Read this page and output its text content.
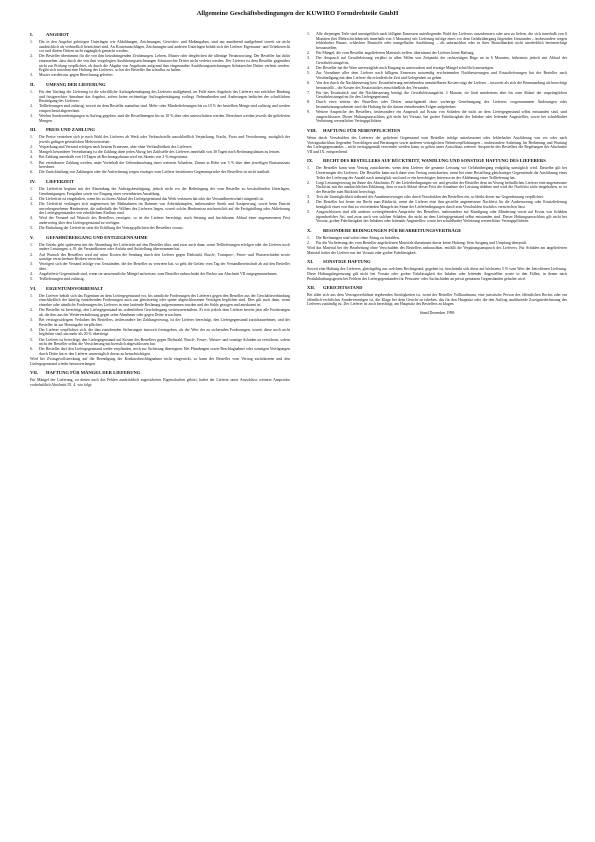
Allgemeine Geschäftsbedingungen der KUWIRO Formdrehteile GmbH
I.	ANGEBOT
1.	Die in den Angebot gehörigen Unterlagen wie Abbildungen, Zeichnungen, Gewichts- und Maßangaben, sind nur annähernd maßgebend soweit sie nicht ausdrücklich als verbindlich bezeichnet sind. An Kostenanschlägen, Zeichnungen und anderen Unterlagen behält sich der Lieferer Eigentums- und Urheberrecht vor und dürfen Dritten nicht zugänglich gemacht werden.
2.	Der Besteller übernimmt für die von ihm beizubringenden Zeichnungen, Lehren, Muster oder dergleichen die alleinige Verantwortung. Der Besteller hat dafür einzustehen, dass durch die von ihm vorgelegten Ausführungszeichnungen Schutzrechte Dritter nicht verletzt werden. Der Lieferer ist dem Besteller gegenüber nicht zur Prüfung verpflichtet, ob durch die Abgabe von Angeboten aufgrund ihm eingesandter Ausführungszeichnungen Schutzrechte Dritter verletzt werden. Ergibt sich trotzdem eine Haftung des Lieferers, so hat der Besteller ihn schadlos zu halten.
3.	Muster werden nur gegen Berechnung geliefert.
II.	UMFANG DER LIEFERUNG
1.	Für den Umfang der Lieferung ist die schriftliche Auftragsbestätigung des Lieferers maßgebend, im Falle eines Angebots des Lieferers mit zeitlicher Bindung und fristgerechter Annahme das Angebot, sofern keine rechtzeitige Auftragsbestätigung vorliegt. Nebenabreden und Änderungen bedürfen der schriftlichen Bestätigung des Lieferers.
2.	Teillieferungen sind zulässig, soweit sie dem Besteller zumutbar sind. Mehr- oder Minderlieferungen bis zu 10 % der bestellten Menge sind zulässig und werden entsprechend abgerechnet.
3.	Werden Sonderanfertigungen in Auftrag gegeben, sind die Bestellmengen bis zu 10 % über oder unterschritten werden. Berechnet werden jeweils die gelieferten Mengen.
III.	PREIS UND ZAHLUNG
1.	Die Preise verstehen sich je nach Wahl des Lieferers ab Werk oder Verkaufsstelle ausschließlich Verpackung, Fracht, Porto und Versicherung, zuzüglich der jeweils gültigen gesetzlichen Mehrwertsteuer.
2.	Verpackung und Versand erfolgen nach bestem Ermessen, aber ohne Verbindlichkeit des Lieferers.
3.	Mangels besonderer Vereinbarung ist die Zahlung ohne jeden Abzug frei Zahlstelle des Lieferers innerhalb von 30 Tagen nach Rechnungsdatum zu leisten.
4.	Bei Zahlung innerhalb von 10 Tagen ab Rechnungsdatum wird ein Skonto von 2 % eingeräumt.
5.	Bei vereinbarter Zahlung werden, unter Vorbehalt der Geltendmachung eines weiteren Schadens, Zinsen in Höhe von 5 % über dem jeweiligen Basiszinssatz berechnet.
6.	Die Zurückhaltung von Zahlungen oder die Aufrechnung wegen etwaiger vom Lieferer bestrittener Gegenansprüche des Bestellers ist nicht statthaft.
IV.	LIEFERZEIT
1.	Die Lieferfrist beginnt mit der Absendung der Auftragsbestätigung, jedoch nicht vor der Beibringung der vom Besteller zu beschaffenden Unterlagen, Genehmigungen, Freigaben sowie vor Eingang einer vereinbarten Anzahlung.
2.	Die Lieferfrist ist eingehalten, wenn bis zu ihrem Ablauf der Liefergegenstand das Werk verlassen hat oder die Versandbereitschaft mitgeteilt ist.
3.	Die Lieferfrist verlängert sich angemessen bei Maßnahmen im Rahmen von Arbeitskämpfen, insbesondere Streik und Aussperrung, sowie beim Eintritt unvorhergesehener Hindernisse, die außerhalb des Willens des Lieferers liegen, soweit solche Hindernisse nachweislich auf die Fertigstellung oder Ablieferung des Liefergegenstandes von erheblichem Einfluss sind.
4.	Wird der Versand auf Wunsch des Bestellers verzögert, so ist der Lieferer berechtigt, nach Setzung und fruchtlosem Ablauf einer angemessenen Frist anderweitig über den Liefergegenstand zu verfügen.
5.	Die Einhaltung der Lieferfrist setzt die Erfüllung der Vertragspflichten des Bestellers voraus.
V.	GEFAHRÜBERGANG UND ENTGEGENNAHME
1.	Die Gefahr geht spätestens mit der Absendung der Lieferteile auf den Besteller über, und zwar auch dann, wenn Teillieferungen erfolgen oder der Lieferer noch andere Leistungen, z. B. die Versandkosten oder Anfuhr und Aufstellung übernommen hat.
2.	Auf Wunsch des Bestellers wird auf seine Kosten die Sendung durch den Lieferer gegen Diebstahl, Bruch-, Transport-, Feuer- und Wasserschäden sowie sonstige versicherbare Risiken versichert.
3.	Verzögert sich der Versand infolge von Umständen, die der Besteller zu vertreten hat, so geht die Gefahr vom Tag der Versandbereitschaft ab auf den Besteller über.
4.	Angelieferte Gegenstände sind, wenn sie unwesentliche Mängel aufweisen, vom Besteller unbeschadet der Rechte aus Abschnitt VII entgegenzunehmen.
5.	Teillieferungen sind zulässig.
VI.	EIGENTUMSVORBEHALT
1.	Der Lieferer behält sich das Eigentum an dem Liefergegenstand vor, bis sämtliche Forderungen des Lieferers gegen den Besteller aus der Geschäftsverbindung einschließlich der künftig entstehenden Forderungen auch aus gleichzeitig oder später abgeschlossenen Verträgen beglichen sind. Dies gilt auch dann, wenn einzelne oder sämtliche Forderungen des Lieferers in eine laufende Rechnung aufgenommen wurden und der Saldo gezogen und anerkannt ist.
2.	Der Besteller ist berechtigt, den Liefergegenstand im ordentlichen Geschäftsgang weiterzuveräußern. Er tritt jedoch dem Lieferer bereits jetzt alle Forderungen ab, die ihm aus der Weiterveräußerung gegen seine Abnehmer oder gegen Dritte erwachsen.
3.	Bei vertragswidrigem Verhalten des Bestellers, insbesondere bei Zahlungsverzug, ist der Lieferer berechtigt, den Liefergegenstand zurückzunehmen, und der Besteller ist zur Herausgabe verpflichtet.
4.	Der Lieferer verpflichtet sich, die ihm zustehenden Sicherungen insoweit freizugeben, als der Wert der zu sichernden Forderungen, soweit diese noch nicht beglichen sind, um mehr als 20 % übersteigt.
5.	Der Lieferer ist berechtigt, den Liefergegenstand auf Kosten des Bestellers gegen Diebstahl, Bruch-, Feuer-, Wasser- und sonstige Schäden zu versichern, sofern nicht der Besteller selbst die Versicherung nachweislich abgeschlossen hat.
6.	Der Besteller darf den Liefergegenstand weder verpfänden, noch zur Sicherung übereignen. Bei Pfändungen sowie Beschlagnahme oder sonstigen Verfügungen durch Dritte hat er den Lieferer unverzüglich davon zu benachrichtigen.
Wird bei Zwangsvollstreckung auf die Beendigung der Konkursbeschlagnahme nicht eingewirkt, so kann der Besteller vom Vertrag zurücktreten und den Liefergegenstand wieder herausverlangen.
VII.	HAFTUNG FÜR MÄNGEL DER LIEFERUNG
Für Mängel der Lieferung, zu denen auch das Fehlen ausdrücklich zugesicherter Eigenschaften gehört, haftet der Lieferer unter Ausschluss weiterer Ansprüche vorbehaltlich Abschnitt IX. 4. wie folgt:
1.	Alle diejenigen Teile sind unentgeltlich nach billigem Ermessen unterliegender Wahl des Lieferers auszubessern oder neu zu liefern, die sich innerhalb von 6 Monaten (bei Mehrschichtbetrieb innerhalb von 3 Monaten) seit Lieferung infolge eines vor dem Gefahrübergang liegenden Umstandes – insbesondere wegen fehlerhafter Bauart, schlechter Baustoffe oder mangelhafter Ausführung – als unbrauchbar oder in ihrer Brauchbarkeit nicht unerheblich beeinträchtigt herausstellen.
2.	Für Mängel, die vom Besteller angelieferten Materials treffen, übernimmt der Lieferer keine Haftung.
3.	Der Anspruch auf Gewährleistung verjährt in allen Fällen von Zeitpunkt der rechtzeitigen Rüge an in 6 Monaten, frühestens jedoch mit Ablauf der Gewährleistungsfrist.
4.	Der Besteller hat die Ware unverzüglich nach Eingang zu untersuchen und etwaige Mängel schriftlich anzuzeigen.
5.	Zur Vornahme aller dem Lieferer nach billigem Ermessen notwendig erscheinenden Nachbesserungen und Ersatzlieferungen hat der Besteller nach Verständigung mit dem Lieferer die erforderliche Zeit und Gelegenheit zu geben.
6.	Von den durch die Nachbesserung bzw. Ersatzlieferung entstehenden unmittelbaren Kosten trägt der Lieferer – insoweit als sich die Beanstandung als berechtigt herausstellt – die Kosten des Ersatzstückes einschließlich des Versandes.
7.	Für das Ersatzstück und die Nachbesserung beträgt die Gewährleistungsfrist 3 Monate, sie läuft mindestens aber bis zum Ablauf der ursprünglichen Gewährleistungsfrist für den Liefergegenstand.
8.	Durch etwa seitens des Bestellers oder Dritter unsachgemäß ohne vorherige Genehmigung des Lieferers vorgenommene Änderungen oder Instandsetzungsarbeiten wird die Haftung für die daraus entstehenden Folgen aufgehoben.
9.	Weitere Ansprüche des Bestellers, insbesondere ein Anspruch auf Ersatz von Schäden die nicht an dem Liefergegenstand selbst entstanden sind, sind ausgeschlossen. Dieser Haftungsausschluss gilt nicht bei Vorsatz, bei grober Fahrlässigkeit der Inhaber oder leitender Angestellter, sowie bei schuldhafter Verletzung wesentlicher Vertragspflichten.
VIII.	HAFTUNG FÜR NEBENPFLICHTEN
Wenn durch Verschulden des Lieferers der gelieferte Gegenstand vom Besteller infolge unterlassener oder fehlerhafter Ausführung von vor oder nach Vertragsabschluss liegenden Vorschlägen und Beratungen sowie anderen vertraglichen Nebenverpflichtungen – insbesondere Anleitung für Bedienung und Wartung des Liefergegenstandes – nicht vertragsgemäß verwendet werden kann, so gelten unter Ausschluss weiterer Ansprüche des Bestellers die Regelungen der Abschnitte VII und IX. entsprechend.
IX.	RECHT DES BESTELLERS AUF RÜCKTRITT, WANDLUNG UND SONSTIGE HAFTUNG DES LIEFERERS
1.	Der Besteller kann vom Vertrag zurücktreten, wenn dem Lieferer die gesamte Leistung vor Gefahrübergang endgültig unmöglich wird. Dasselbe gilt bei Unvermögen des Lieferers. Der Besteller kann auch dann vom Vertrag zurücktreten, wenn bei einer Bestellung gleichartiger Gegenstände die Ausführung eines Teiles der Lieferung der Anzahl nach unmöglich wird und er ein berechtigtes Interesse an der Ablehnung einer Teillieferung hat.
2.	Liegt Leistungsverzug im Sinne des Abschnitts IV der Lieferbedingungen vor und gewährt der Besteller dem im Verzug befindlichen Lieferer eine angemessene Nachfrist mit der ausdrücklichen Erklärung, dass er nach Ablauf dieser Frist die Annahme der Leistung ablehne und wird die Nachfrist nicht eingehalten, so ist der Besteller zum Rücktritt berechtigt.
3.	Tritt die Unmöglichkeit während des Annahmeverzuges oder durch Verschulden des Bestellers ein, so bleibt dieser zur Gegenleistung verpflichtet.
4.	Der Besteller hat ferner ein Recht zum Rücktritt, wenn der Lieferer eine ihm gestellte angemessene Nachfrist für die Ausbesserung oder Ersatzlieferung bezüglich eines von ihm zu vertretenden Mangels im Sinne der Lieferbedingungen durch sein Verschulden fruchtlos verstreichen lässt.
5.	Ausgeschlossen sind alle anderen weitergehenden Ansprüche des Bestellers, insbesondere auf Kündigung oder Minderung sowie auf Ersatz von Schäden irgendwelcher Art, und zwar auch von solchen Schäden, die nicht an dem Liefergegenstand selbst entstanden sind. Dieser Haftungsausschluss gilt nicht bei Vorsatz, grober Fahrlässigkeit des Inhabers oder leitender Angestellter, sowie bei schuldhafter Verletzung wesentlicher Vertragspflichten.
X.	BESONDERE BEDINGUNGEN FÜR BEARBEITUNGSVERTRÄGE
1.	Die Rechnungen sind sofort ohne Abzug zu bezahlen.
2.	Für die Vorlieferung des vom Besteller angelieferten Materials übernimmt dieser keine Haftung. Sein Ausgang und Umpfang überprüft.
Wird das Material bei der Bearbeitung ohne Verschulden des Bestellers unbrauchbar, entfällt die Vergütungsanspruch des Lieferers. Für Schäden am angelieferten Material haftet der Lieferer nur bei Vorsatz oder grober Fahrlässigkeit.
XI.	SONSTIGE HAFTUNG
Soweit eine Haftung des Lieferers, gleichgültig aus welchem Rechtsgrund, gegeben ist, beschränkt sich diese auf höchstens 5 % vom Wert der betroffenen Lieferung. Diese Haftungsbegrenzung gilt nicht bei Vorsatz oder grober Fahrlässigkeit der Inhaber oder leitender Angestellter sowie in den Fällen, in denen nach Produkthaftungsgesetz bei Fehlern des Liefergegenstandes für Personen- oder Sachschäden an privat genutzten Gegenständen gehaftet wird.
XII.	GERICHTSSTAND
Bei allen sich aus dem Vertragsverhältnis ergebenden Streitigkeiten ist, wenn der Besteller Vollkaufmann, eine juristische Person des öffentlichen Rechts oder ein öffentlich-rechtliches Sondervermögen ist, die Klage bei dem Gericht zu erheben, das für den Hauptsitz oder die den Auftrag ausführende Zweigniederlassung des Lieferers zuständig ist. Der Lieferer ist auch berechtigt, am Hauptsitz des Bestellers zu klagen.
Stand Dezember 1998
